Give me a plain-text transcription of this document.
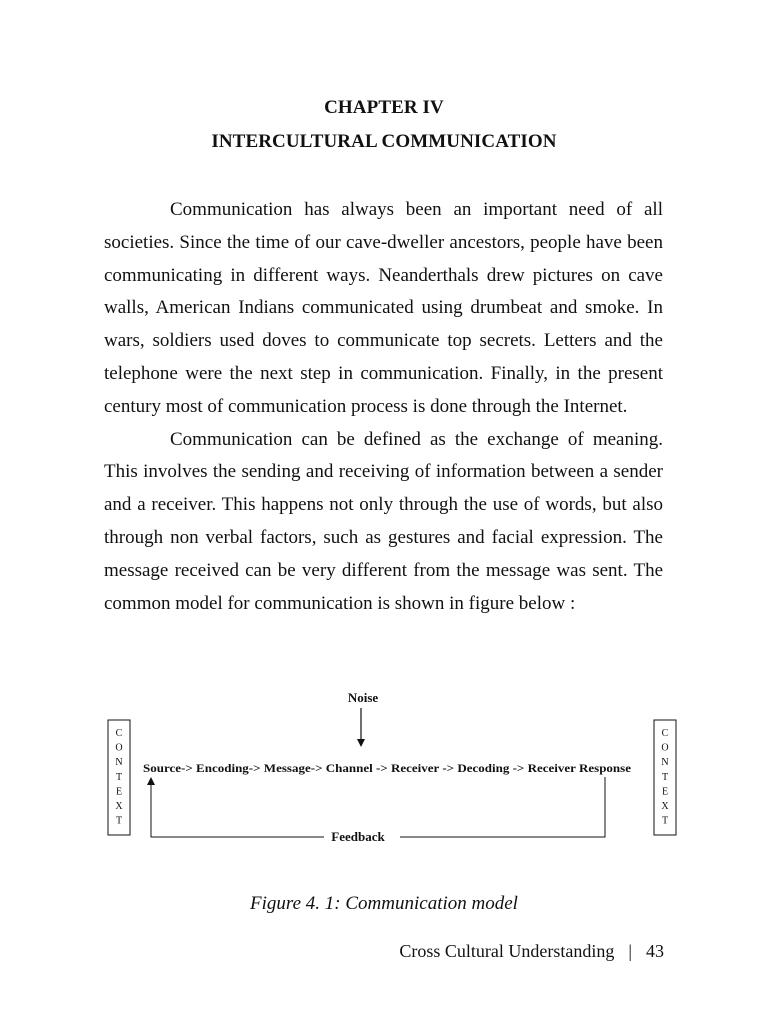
CHAPTER IV
INTERCULTURAL COMMUNICATION

Communication has always been an important need of all societies. Since the time of our cave-dweller ancestors, people have been communicating in different ways. Neanderthals drew pictures on cave walls, American Indians communicated using drumbeat and smoke. In wars, soldiers used doves to communicate top secrets. Letters and the telephone were the next step in communication. Finally, in the present century most of communication process is done through the Internet.

Communication can be defined as the exchange of meaning. This involves the sending and receiving of information between a sender and a receiver. This happens not only through the use of words, but also through non verbal factors, such as gestures and facial expression. The message received can be very different from the message was sent. The common model for communication is shown in figure below :

Noise
C O N T E X T
C O N T E X T
Source-> Encoding-> Message-> Channel -> Receiver -> Decoding -> Receiver Response
Feedback
Figure 4. 1: Communication model
Cross Cultural Understanding | 43
